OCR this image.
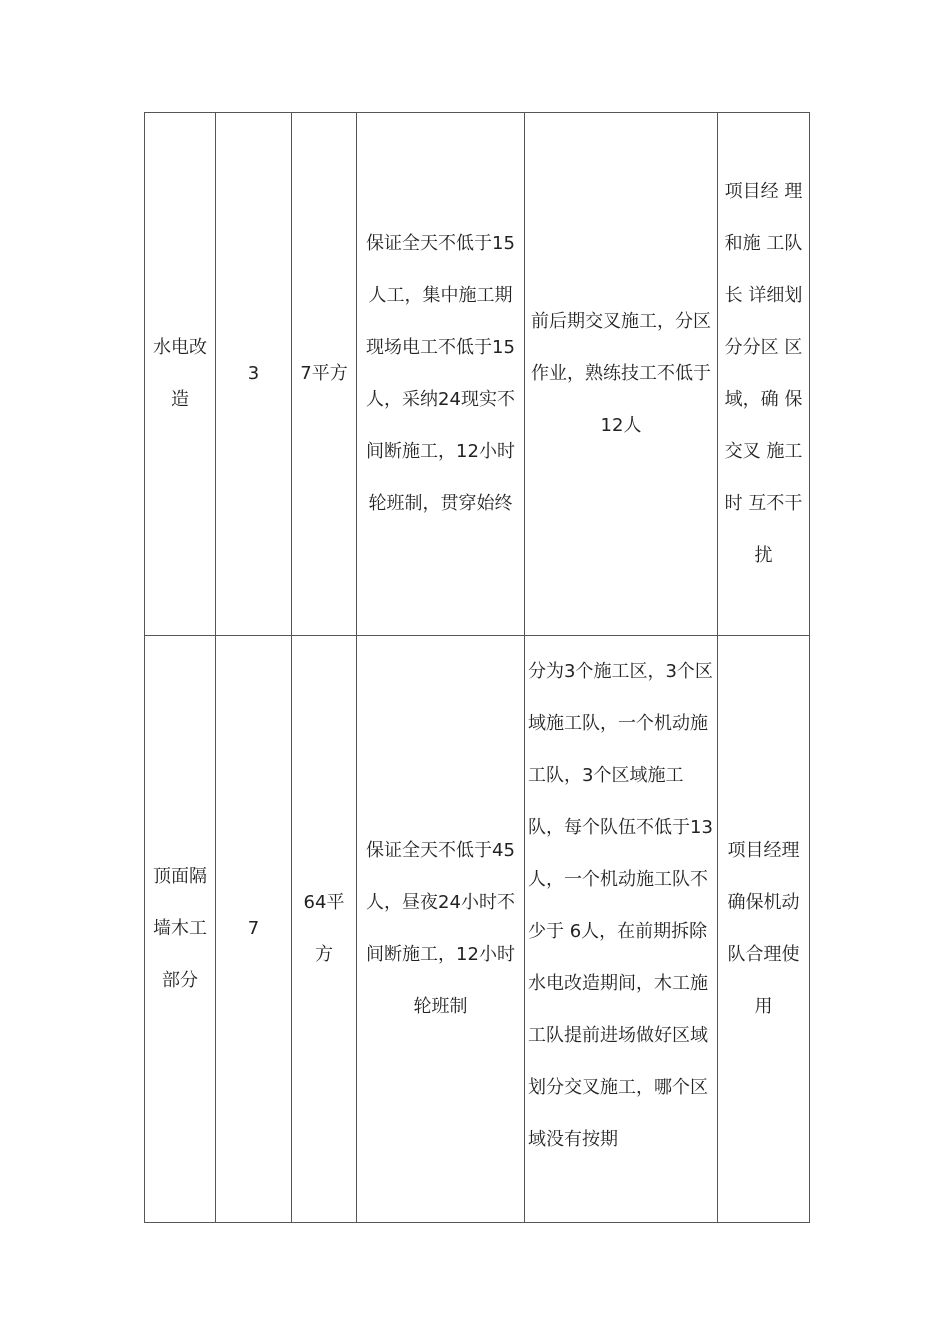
水电改造	3	7平方	保证全天不低于15人工，集中施工期现场电工不低于15人，采纳24现实不间断施工，12小时轮班制，贯穿始终	前后期交叉施工，分区作业，熟练技工不低于12人	项目经 理和施 工队长 详细划分分区 区域，确 保交叉 施工时 互不干扰
顶面隔墙木工部分	7	64平方	保证全天不低于45人，昼夜24小时不间断施工，12小时轮班制	分为3个施工区，3个区域施工队，一个机动施工队，3个区域施工队，每个队伍不低于13人，一个机动施工队不少于 6人，在前期拆除水电改造期间，木工施工队提前进场做好区域划分交叉施工，哪个区域没有按期	项目经理确保机动队合理使用
